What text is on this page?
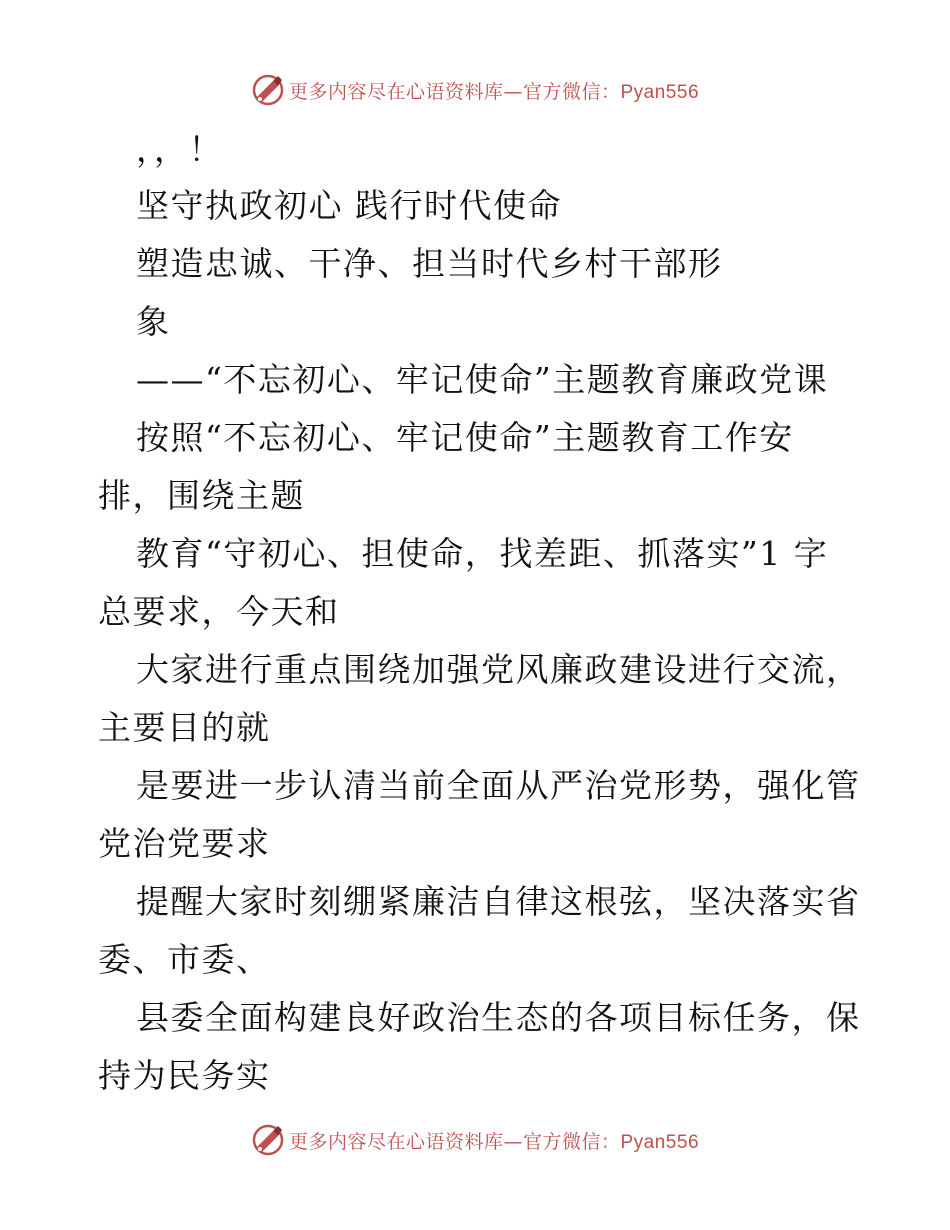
更多内容尽在心语资料库—官方微信：Pyan556
，，！
坚守执政初心 践行时代使命
塑造忠诚、干净、担当时代乡村干部形
象
——“不忘初心、牢记使命”主题教育廉政党课
按照“不忘初心、牢记使命”主题教育工作安
排，围绕主题
教育“守初心、担使命，找差距、抓落实”1 字
总要求，今天和
大家进行重点围绕加强党风廉政建设进行交流，
主要目的就
是要进一步认清当前全面从严治党形势，强化管
党治党要求
提醒大家时刻绷紧廉洁自律这根弦，坚决落实省
委、市委、
县委全面构建良好政治生态的各项目标任务，保
持为民务实
更多内容尽在心语资料库—官方微信：Pyan556
